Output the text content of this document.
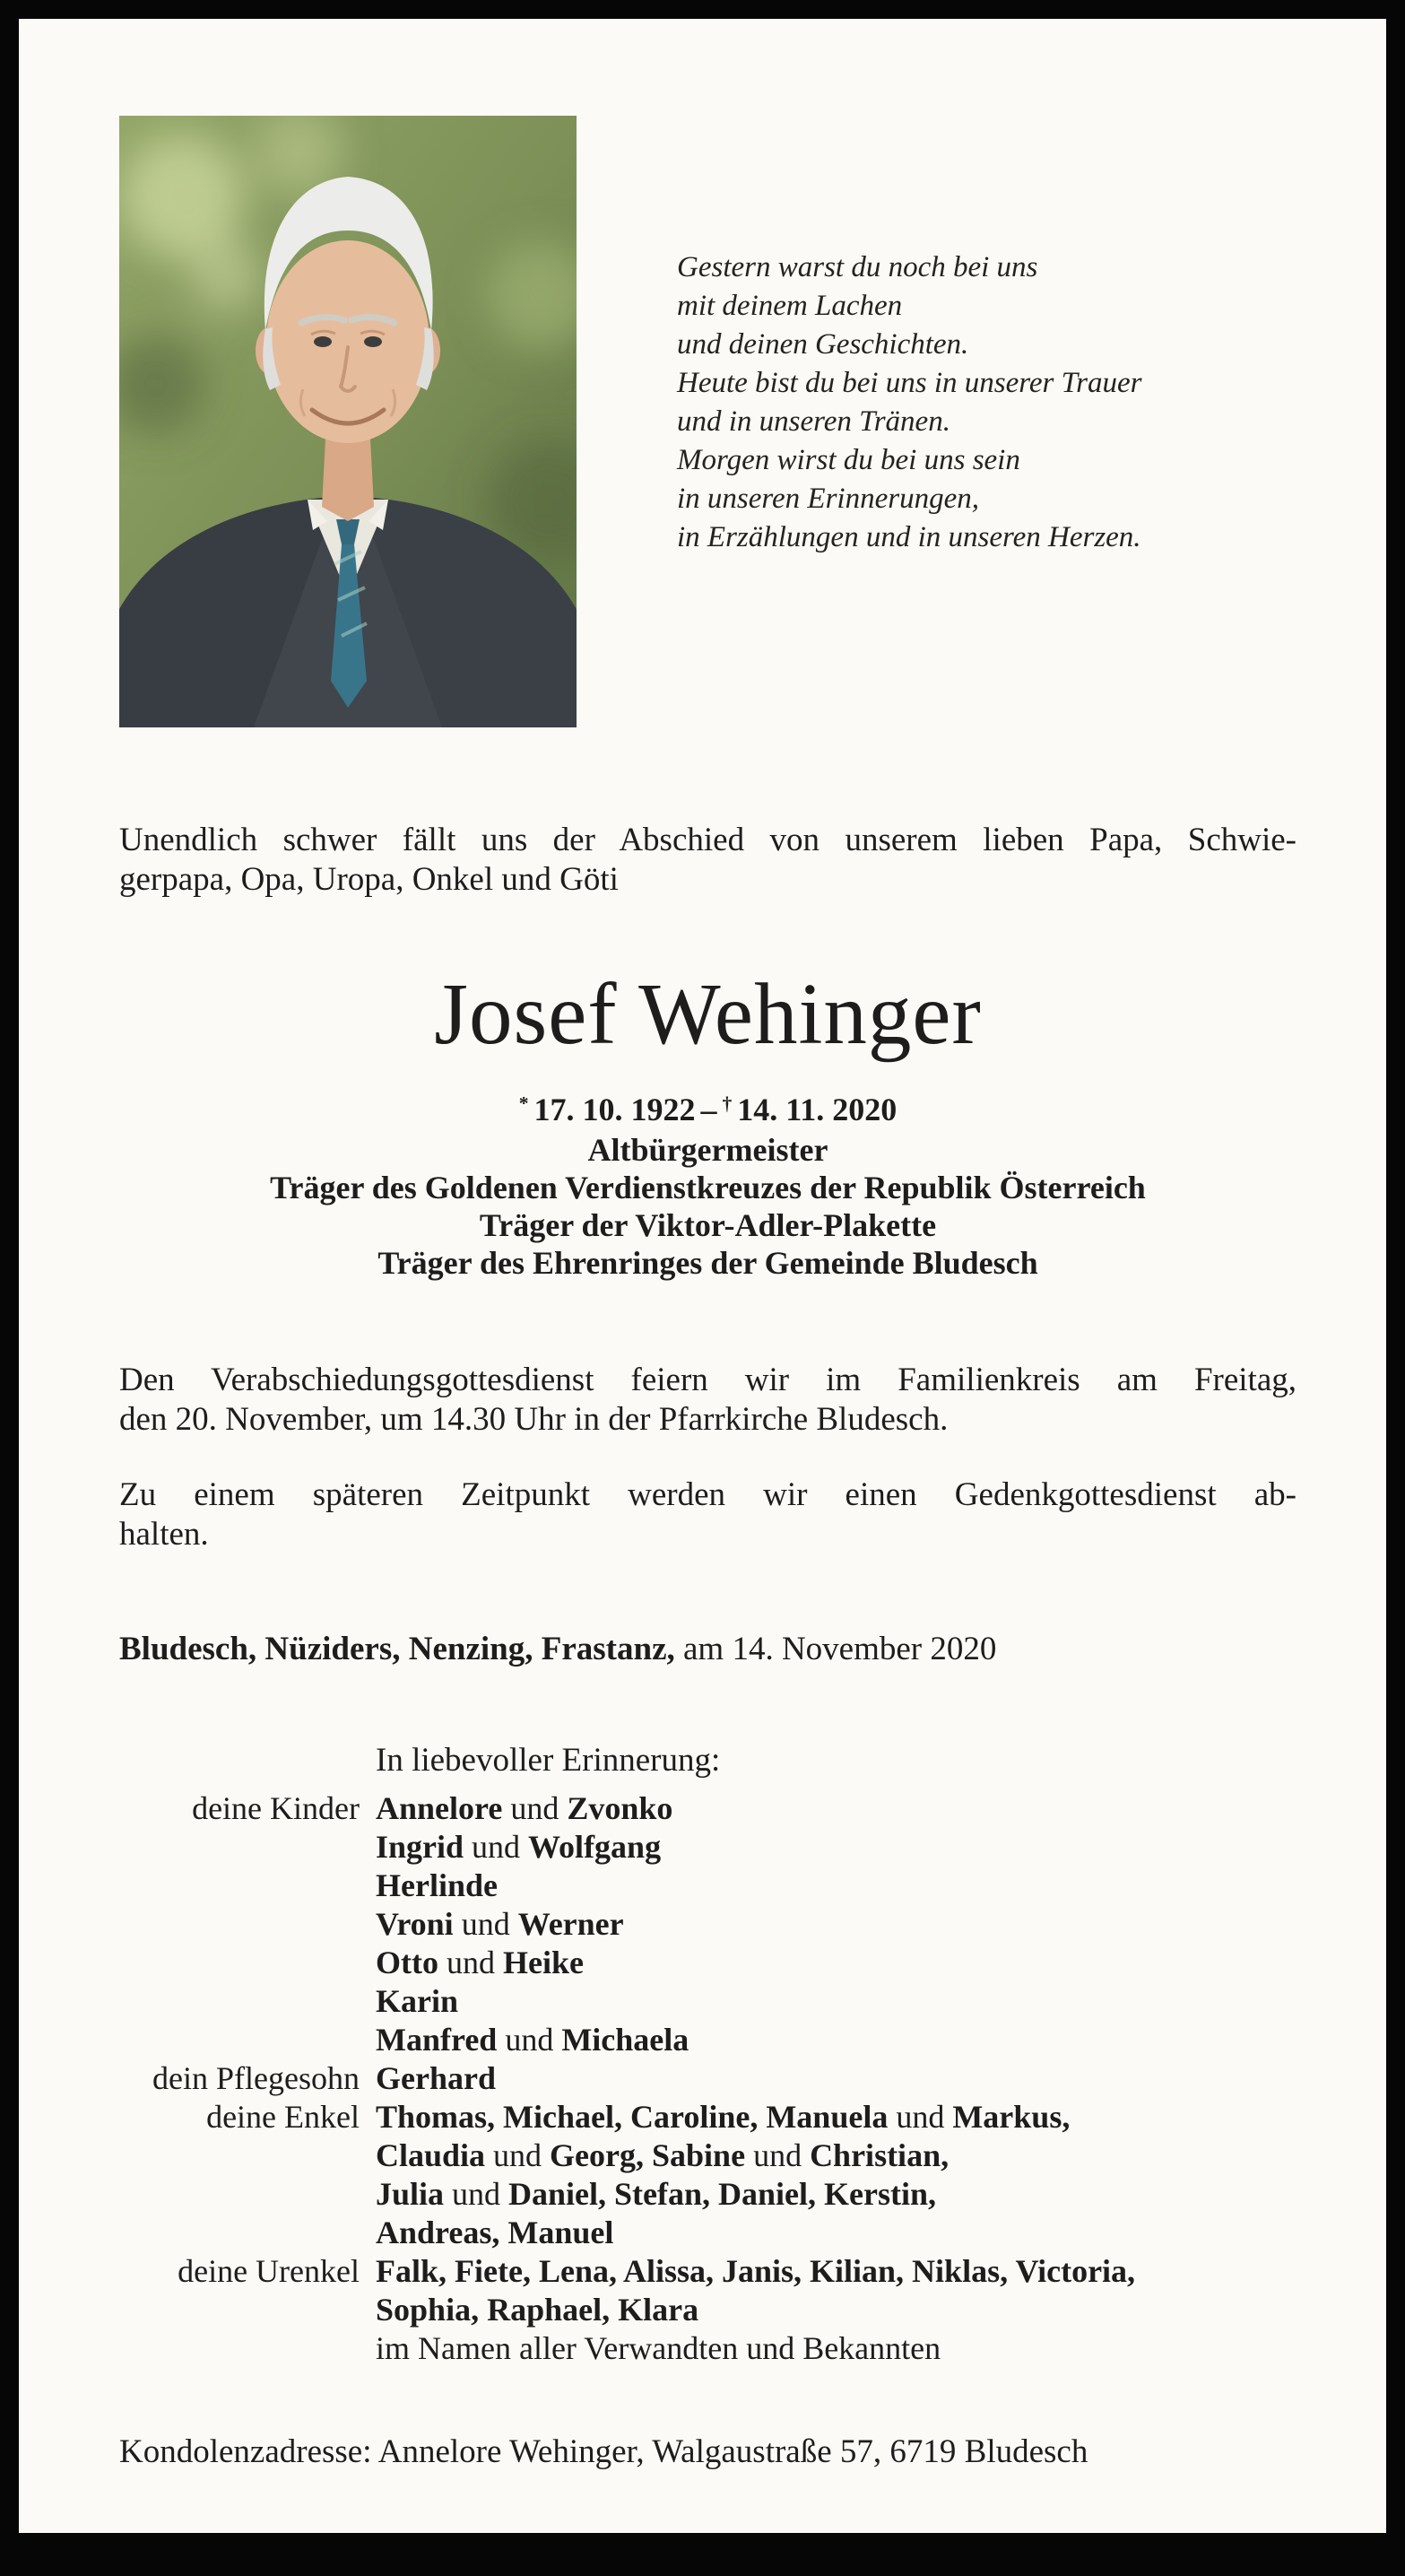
Gestern warst du noch bei uns
mit deinem Lachen
und deinen Geschichten.
Heute bist du bei uns in unserer Trauer
und in unseren Tränen.
Morgen wirst du bei uns sein
in unseren Erinnerungen,
in Erzählungen und in unseren Herzen.
Unendlich schwer fällt uns der Abschied von unserem lieben Papa, Schwie-
gerpapa, Opa, Uropa, Onkel und Göti
Josef Wehinger
* 17. 10. 1922 – † 14. 11. 2020
Altbürgermeister
Träger des Goldenen Verdienstkreuzes der Republik Österreich
Träger der Viktor-Adler-Plakette
Träger des Ehrenringes der Gemeinde Bludesch
Den Verabschiedungsgottesdienst feiern wir im Familienkreis am Freitag,
den 20. November, um 14.30 Uhr in der Pfarrkirche Bludesch.
Zu einem späteren Zeitpunkt werden wir einen Gedenkgottesdienst ab-
halten.
Bludesch, Nüziders, Nenzing, Frastanz, am 14. November 2020
In liebevoller Erinnerung:
deine Kinder Annelore und Zvonko
Ingrid und Wolfgang
Herlinde
Vroni und Werner
Otto und Heike
Karin
Manfred und Michaela
dein Pflegesohn Gerhard
deine Enkel Thomas, Michael, Caroline, Manuela und Markus,
Claudia und Georg, Sabine und Christian,
Julia und Daniel, Stefan, Daniel, Kerstin,
Andreas, Manuel
deine Urenkel Falk, Fiete, Lena, Alissa, Janis, Kilian, Niklas, Victoria,
Sophia, Raphael, Klara
im Namen aller Verwandten und Bekannten
Kondolenzadresse: Annelore Wehinger, Walgaustraße 57, 6719 Bludesch
